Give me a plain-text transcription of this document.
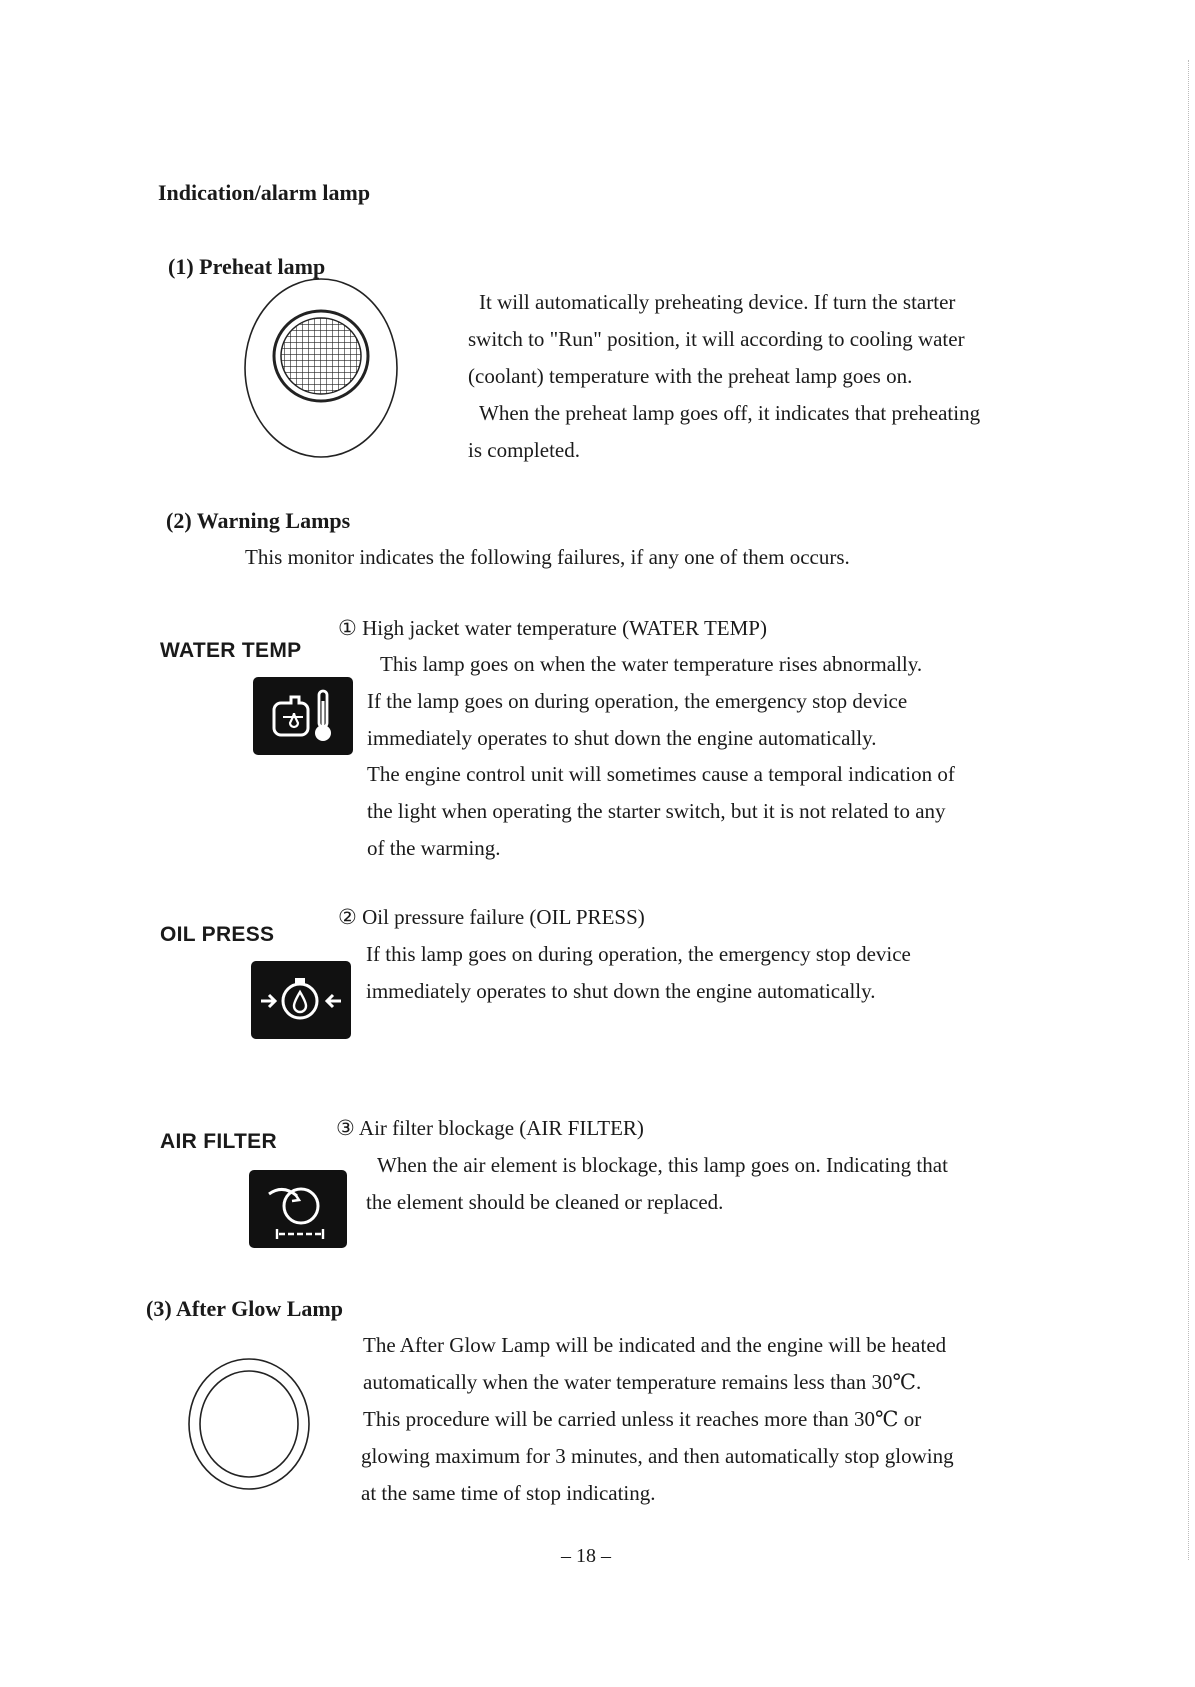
Indication/alarm lamp
(1) Preheat lamp
It will automatically preheating device. If turn the starter
switch to "Run" position, it will according to cooling water
(coolant) temperature with the preheat lamp goes on.
When the preheat lamp goes off, it indicates that preheating
is completed.
(2) Warning Lamps
This monitor indicates the following failures, if any one of them occurs.
WATER TEMP
① High jacket water temperature (WATER TEMP)
This lamp goes on when the water temperature rises abnormally.
If the lamp goes on during operation, the emergency stop device
immediately operates to shut down the engine automatically.
The engine control unit will sometimes cause a temporal indication of
the light when operating the starter switch, but it is not related to any
of the warming.
OIL PRESS
② Oil pressure failure (OIL PRESS)
If this lamp goes on during operation, the emergency stop device
immediately operates to shut down the engine automatically.
AIR FILTER
③ Air filter blockage (AIR FILTER)
When the air element is blockage, this lamp goes on. Indicating that
the element should be cleaned or replaced.
(3) After Glow Lamp
The After Glow Lamp will be indicated and the engine will be heated
automatically when the water temperature remains less than 30℃.
This procedure will be carried unless it reaches more than 30℃ or
glowing maximum for 3 minutes, and then automatically stop glowing
at the same time of stop indicating.
– 18 –
